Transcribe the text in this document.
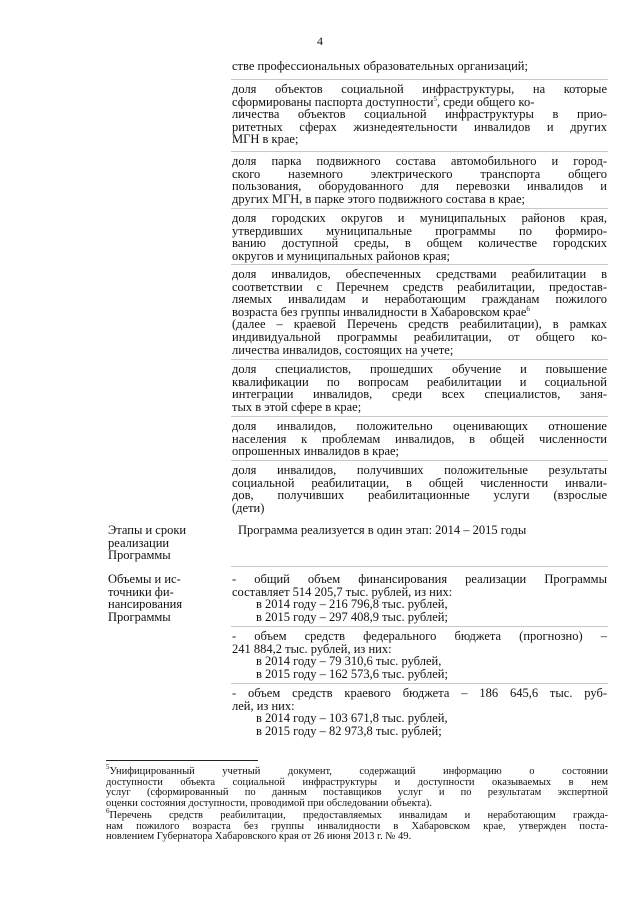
4

стве профессиональных образовательных организаций;

доля объектов социальной инфраструктуры, на которые
сформированы паспорта доступности$^5$, среди общего ко-
личества объектов социальной инфраструктуры в прио-
ритетных сферах жизнедеятельности инвалидов и других
МГН в крае;

доля парка подвижного состава автомобильного и город-
ского наземного электрического транспорта общего
пользования, оборудованного для перевозки инвалидов и
других МГН, в парке этого подвижного состава в крае;

доля городских округов и муниципальных районов края,
утвердивших муниципальные программы по формиро-
ванию доступной среды, в общем количестве городских
округов и муниципальных районов края;

доля инвалидов, обеспеченных средствами реабилитации в
соответствии с Перечнем средств реабилитации, предостав-
ляемых инвалидам и неработающим гражданам пожилого
возраста без группы инвалидности в Хабаровском крае$^6$
(далее – краевой Перечень средств реабилитации), в рамках
индивидуальной программы реабилитации, от общего ко-
личества инвалидов, состоящих на учете;

доля специалистов, прошедших обучение и повышение
квалификации по вопросам реабилитации и социальной
интеграции инвалидов, среди всех специалистов, заня-
тых в этой сфере в крае;

доля инвалидов, положительно оценивающих отношение
населения к проблемам инвалидов, в общей численности
опрошенных инвалидов в крае;

доля инвалидов, получивших положительные результаты
социальной реабилитации, в общей численности инвали-
дов, получивших реабилитационные услуги (взрослые
(дети)

Этапы и сроки
реализации
Программы

Программа реализуется в один этап: 2014 – 2015 годы

Объемы и ис-
точники фи-
нансирования
Программы

- общий объем финансирования реализации Программы
составляет 514 205,7 тыс. рублей, из них:
в 2014 году – 216 796,8 тыс. рублей,
в 2015 году – 297 408,9 тыс. рублей;

- объем средств федерального бюджета (прогнозно) –
241 884,2 тыс. рублей, из них:
в 2014 году – 79 310,6 тыс. рублей,
в 2015 году – 162 573,6 тыс. рублей;

- объем средств краевого бюджета – 186 645,6 тыс. руб-
лей, из них:
в 2014 году – 103 671,8 тыс. рублей,
в 2015 году – 82 973,8 тыс. рублей;

$^5$Унифицированный учетный документ, содержащий информацию о состоянии
доступности объекта социальной инфраструктуры и доступности оказываемых в нем
услуг (сформированный по данным поставщиков услуг и по результатам экспертной
оценки состояния доступности, проводимой при обследовании объекта).

$^6$Перечень средств реабилитации, предоставляемых инвалидам и неработающим гражда-
нам пожилого возраста без группы инвалидности в Хабаровском крае, утвержден поста-
новлением Губернатора Хабаровского края от 26 июня 2013 г. № 49.
